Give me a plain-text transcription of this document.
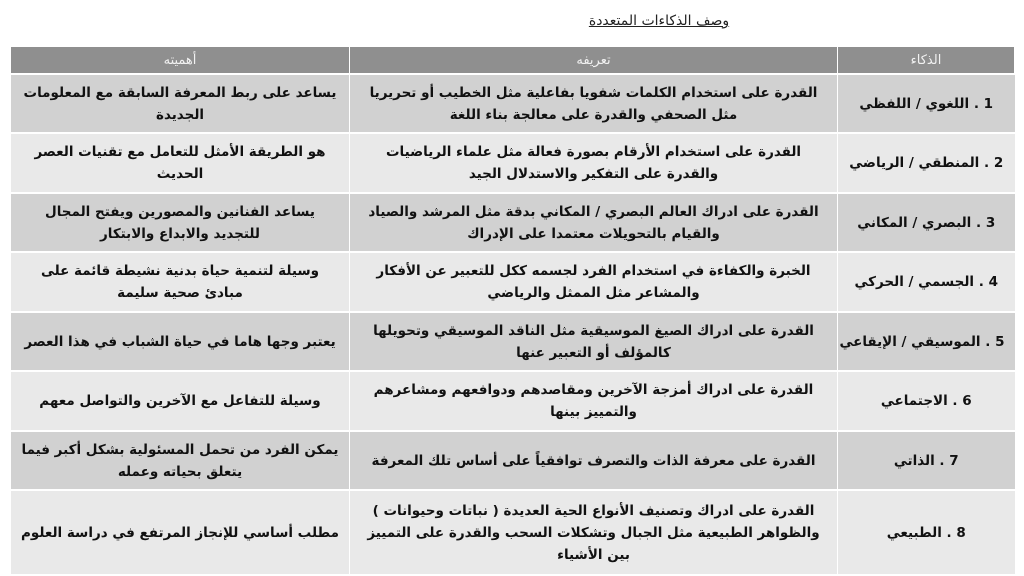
وصف الذكاءات المتعددة
الذكاء	تعريفه	أهميته
1 . اللغوي / اللفظي	القدرة على استخدام الكلمات شفويا بفاعلية مثل الخطيب أو تحريريا مثل الصحفي والقدرة على معالجة بناء اللغة	يساعد على ربط المعرفة السابقة مع المعلومات الجديدة
2 . المنطقي / الرياضي	القدرة على استخدام الأرقام بصورة فعالة مثل علماء الرياضيات والقدرة على التفكير والاستدلال الجيد	هو الطريقة الأمثل للتعامل مع تقنيات العصر الحديث
3 . البصري / المكاني	القدرة على ادراك العالم البصري / المكاني بدقة مثل المرشد والصياد والقيام بالتحويلات معتمدا على الإدراك	يساعد الفنانين والمصورين ويفتح المجال للتجديد والابداع والابتكار
4 . الجسمي / الحركي	الخبرة والكفاءة في استخدام الفرد لجسمه ككل للتعبير عن الأفكار والمشاعر مثل الممثل والرياضي	وسيلة لتنمية حياة بدنية نشيطة قائمة على مبادئ صحية سليمة
5 . الموسيقي / الإيقاعي	القدرة على ادراك الصيغ الموسيقية مثل الناقد الموسيقي وتحويلها كالمؤلف أو التعبير عنها	يعتبر وجها هاما في حياة الشباب في هذا العصر
6 . الاجتماعي	القدرة على ادراك أمزجة الآخرين ومقاصدهم ودوافعهم ومشاعرهم والتمييز بينها	وسيلة للتفاعل مع الآخرين والتواصل معهم
7 . الذاتي	القدرة على معرفة الذات والتصرف توافقياً على أساس تلك المعرفة	يمكن الفرد من تحمل المسئولية بشكل أكبر فيما يتعلق بحياته وعمله
8 . الطبيعي	القدرة على ادراك وتصنيف الأنواع الحية العديدة ( نباتات وحيوانات ) والظواهر الطبيعية مثل الجبال وتشكلات السحب والقدرة على التمييز بين الأشياء	مطلب أساسي للإنجاز المرتفع في دراسة العلوم
